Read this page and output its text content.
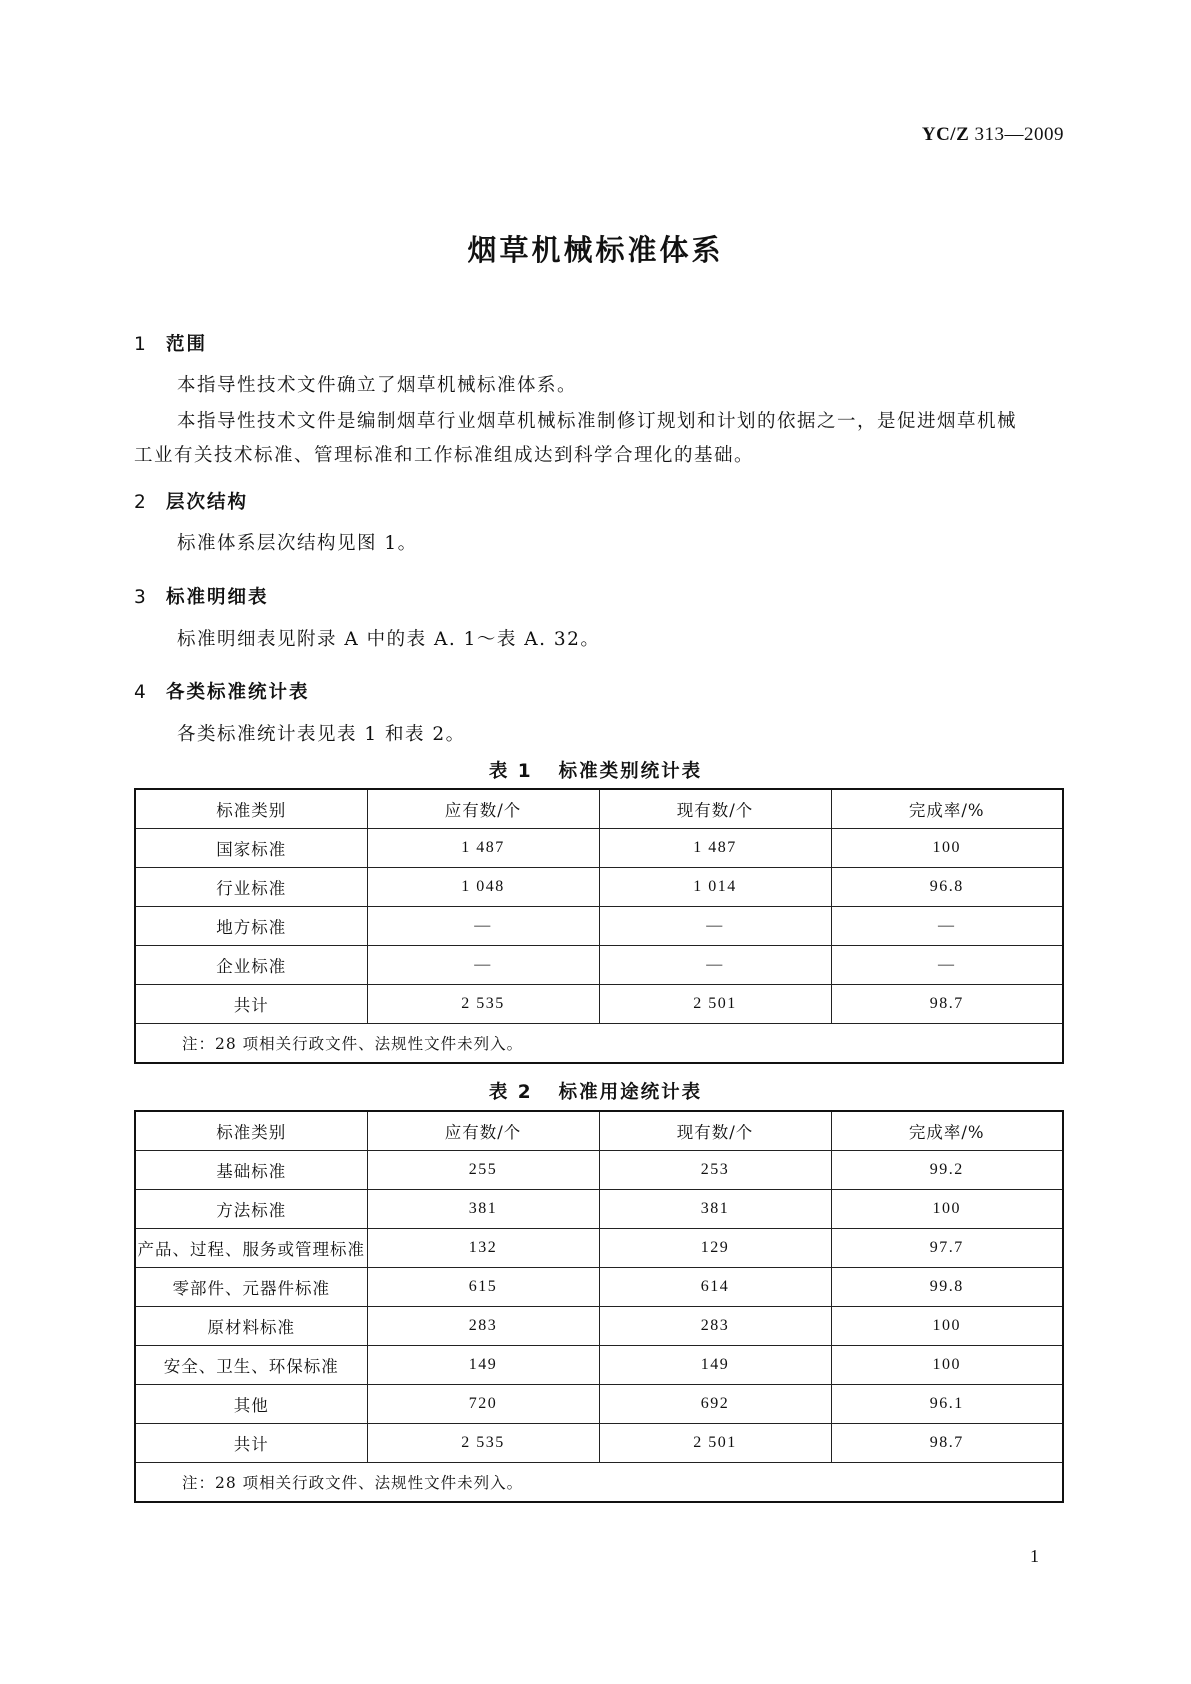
YC/Z 313—2009
烟草机械标准体系
1 范围
本指导性技术文件确立了烟草机械标准体系。
本指导性技术文件是编制烟草行业烟草机械标准制修订规划和计划的依据之一，是促进烟草机械
工业有关技术标准、管理标准和工作标准组成达到科学合理化的基础。
2 层次结构
标准体系层次结构见图 1。
3 标准明细表
标准明细表见附录 A 中的表 A. 1～表 A. 32。
4 各类标准统计表
各类标准统计表见表 1 和表 2。
表 1 标准类别统计表
标准类别	应有数/个	现有数/个	完成率/%
国家标准	1 487	1 487	100
行业标准	1 048	1 014	96.8
地方标准	—	—	—
企业标准	—	—	—
共计	2 535	2 501	98.7
注：28 项相关行政文件、法规性文件未列入。			
表 2 标准用途统计表
标准类别	应有数/个	现有数/个	完成率/%
基础标准	255	253	99.2
方法标准	381	381	100
产品、过程、服务或管理标准	132	129	97.7
零部件、元器件标准	615	614	99.8
原材料标准	283	283	100
安全、卫生、环保标准	149	149	100
其他	720	692	96.1
共计	2 535	2 501	98.7
注：28 项相关行政文件、法规性文件未列入。			
1
